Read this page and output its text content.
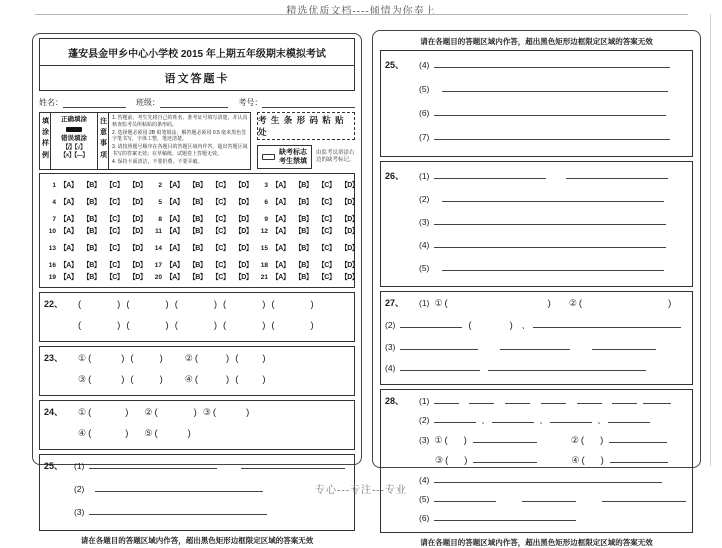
精选优质文档----倾情为你奉上
蓬安县金甲乡中心小学校 2015 年上期五年级期末模拟考试
语文答题卡
姓名：	班级：	考号：
填涂样例
正确填涂
错误填涂
【/】【√】
【×】【—】
注意事项
1. 答题前，考生先将自己的姓名、准考证号填写清楚，并认真核查监考员所粘贴的条形码。
2. 选择题必须用 2B 铅笔填涂，解答题必须用 0.5 毫米黑色签字笔书写，字体工整，笔迹清楚。
3. 请按照题号顺序在各题目的答题区域内作答，超出答题区域书写的答案无效；在草稿纸、试题卷上答题无效。
4. 保持卡面清洁，不要折叠、不要弄破。
考 生 条 形 码 粘 贴 处
缺考标志
考生禁填
由监考员填涂右
边的缺考标记。
1 【A】 【B】 【C】 【D】	2 【A】 【B】 【C】 【D】	3 【A】 【B】 【C】 【D】
4 【A】 【B】 【C】 【D】	5 【A】 【B】 【C】 【D】	6 【A】 【B】 【C】 【D】
7 【A】 【B】 【C】 【D】	8 【A】 【B】 【C】 【D】	9 【A】 【B】 【C】 【D】
10 【A】 【B】 【C】 【D】	11 【A】 【B】 【C】 【D】	12 【A】 【B】 【C】 【D】
13 【A】 【B】 【C】 【D】	14 【A】 【B】 【C】 【D】	15 【A】 【B】 【C】 【D】
16 【A】 【B】 【C】 【D】	17 【A】 【B】 【C】 【D】	18 【A】 【B】 【C】 【D】
19 【A】 【B】 【C】 【D】	20 【A】 【B】 【C】 【D】	21 【A】 【B】 【C】 【D】
22、 (	) (	) (	) (	) (	)
(	) (	) (	) (	) (	)
23、 ① (	) (	) ② (	) (	)
③ (	) (	) ④ (	) (	)
24、 ① (	) ② (	) ③ (	)
④ (	) ⑤ (	)
25、 (1)
(2)
(3)
请在各题目的答题区域内作答，超出黑色矩形边框限定区域的答案无效
请在各题目的答题区域内作答，超出黑色矩形边框限定区域的答案无效
25、 (4)
(5)
(6)
(7)
26、 (1)
(2)
(3)
(4)
(5)
27、 (1) ① (	) ② (	)
(2)	(	) 、
(3)
(4)
28、 (1)
(2)	、	、	、
(3) ① ( )	② ( )
③ ( )	④ ( )
(4)
(5)
(6)
请在各题目的答题区域内作答，超出黑色矩形边框限定区域的答案无效
专心---专注---专业
